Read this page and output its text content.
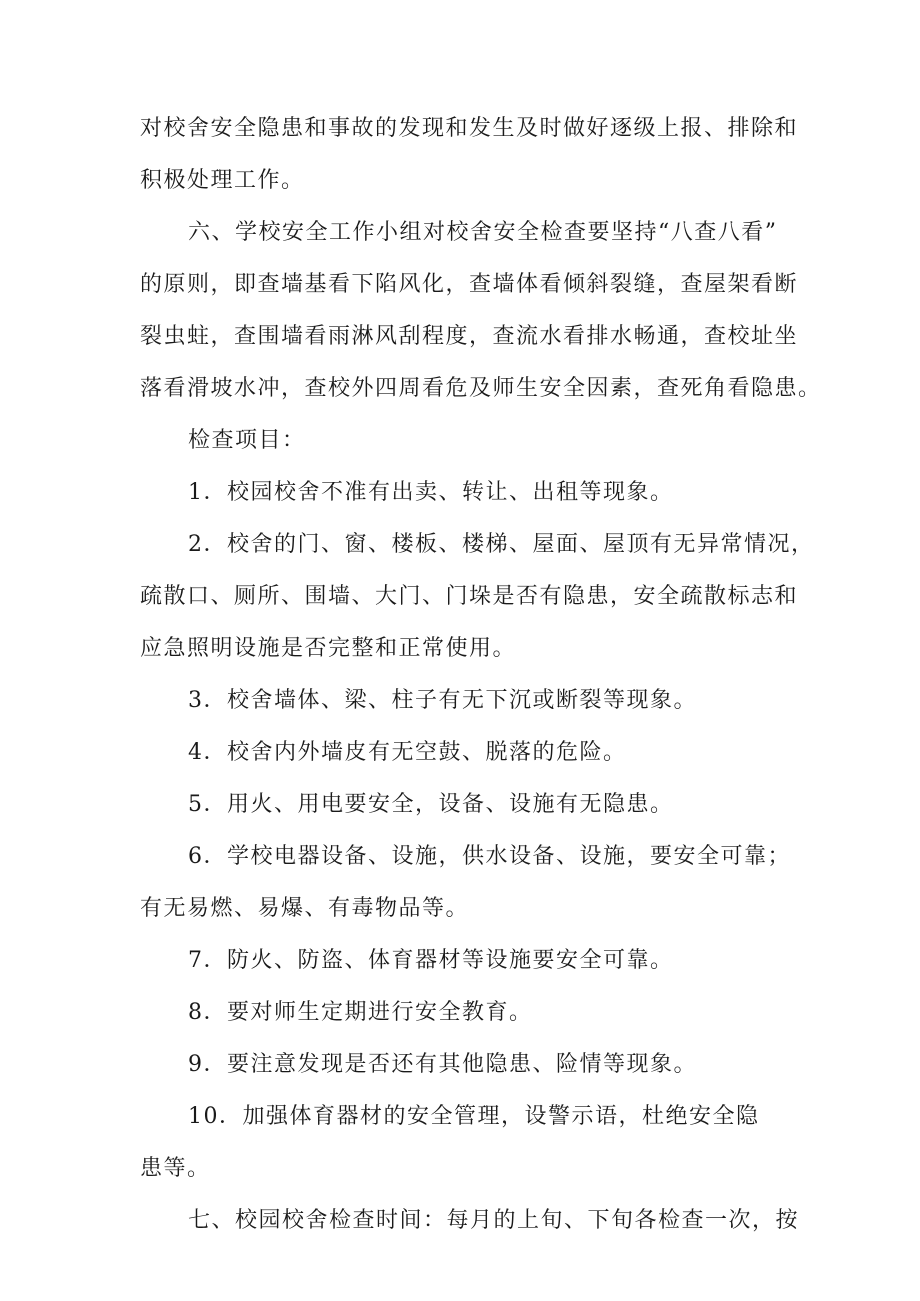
对校舍安全隐患和事故的发现和发生及时做好逐级上报、排除和
积极处理工作。
六、学校安全工作小组对校舍安全检查要坚持“八查八看”
的原则，即查墙基看下陷风化，查墙体看倾斜裂缝，查屋架看断
裂虫蛀，查围墙看雨淋风刮程度，查流水看排水畅通，查校址坐
落看滑坡水冲，查校外四周看危及师生安全因素，查死角看隐患。
检查项目：
1．校园校舍不准有出卖、转让、出租等现象。
2．校舍的门、窗、楼板、楼梯、屋面、屋顶有无异常情况，
疏散口、厕所、围墙、大门、门垛是否有隐患，安全疏散标志和
应急照明设施是否完整和正常使用。
3．校舍墙体、梁、柱子有无下沉或断裂等现象。
4．校舍内外墙皮有无空鼓、脱落的危险。
5．用火、用电要安全，设备、设施有无隐患。
6．学校电器设备、设施，供水设备、设施，要安全可靠；
有无易燃、易爆、有毒物品等。
7．防火、防盗、体育器材等设施要安全可靠。
8．要对师生定期进行安全教育。
9．要注意发现是否还有其他隐患、险情等现象。
10．加强体育器材的安全管理，设警示语，杜绝安全隐
患等。
七、校园校舍检查时间：每月的上旬、下旬各检查一次，按
